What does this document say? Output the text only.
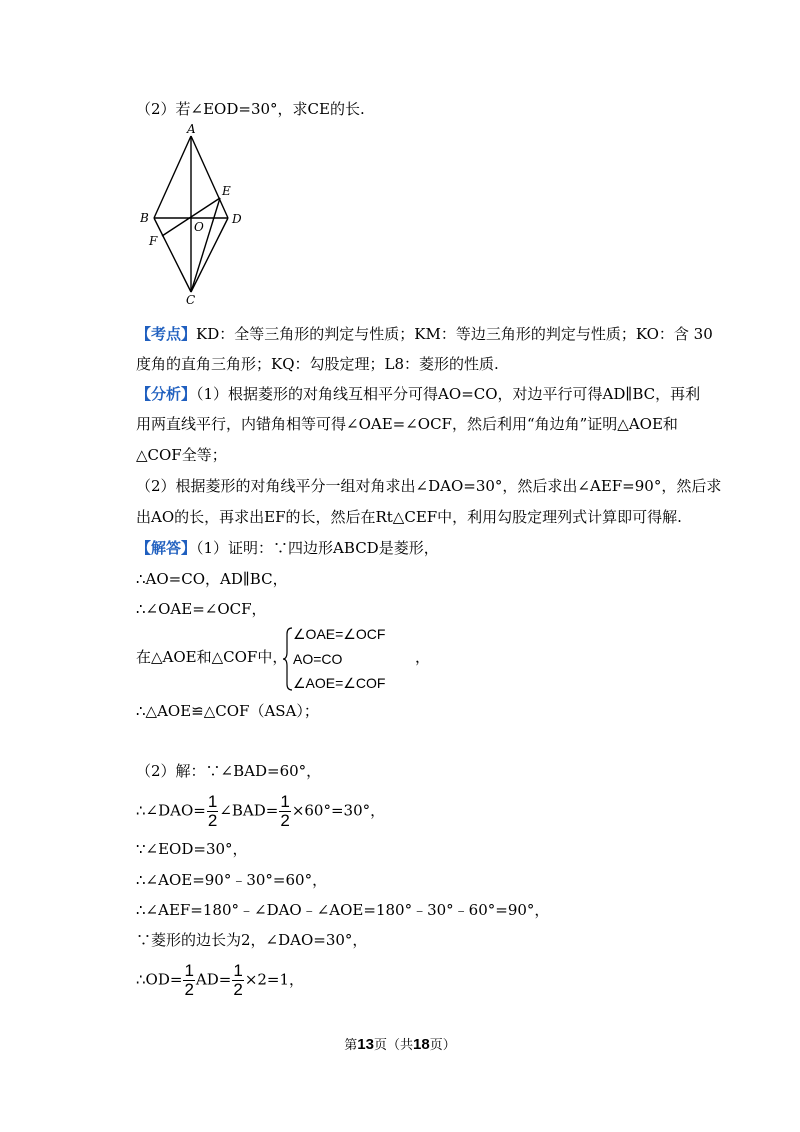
（2）若∠EOD=30°，求CE的长.
A
B	D
E
O
F
C
【考点】KD：全等三角形的判定与性质；KM：等边三角形的判定与性质；KO：含 30
度角的直角三角形；KQ：勾股定理；L8：菱形的性质.
【分析】（1）根据菱形的对角线互相平分可得AO=CO，对边平行可得AD∥BC，再利
用两直线平行，内错角相等可得∠OAE=∠OCF，然后利用“角边角”证明△AOE和
△COF全等；
（2）根据菱形的对角线平分一组对角求出∠DAO=30°，然后求出∠AEF=90°，然后求
出AO的长，再求出EF的长，然后在Rt△CEF中，利用勾股定理列式计算即可得解.
【解答】（1）证明：∵四边形ABCD是菱形，
∴AO=CO，AD∥BC，
∴∠OAE=∠OCF，
在△AOE和△COF中，
∠OAE=∠OCF
AO=CO
∠AOE=∠COF
，
∴△AOE≌△COF（ASA）；
（2）解：∵∠BAD=60°，
∴∠DAO= $\frac{1}{2}$ ∠BAD= $\frac{1}{2} \times 60^\circ=30^\circ$，
∵∠EOD=30°，
∴∠AOE=90°﹣30°=60°，
∴∠AEF=180°﹣∠DAO﹣∠AOE=180°﹣30°﹣60°=90°，
∵菱形的边长为2，∠DAO=30°，
∴OD= $\frac{1}{2} AD= \frac{1}{2} \times 2=1$，
第13页（共18页）
